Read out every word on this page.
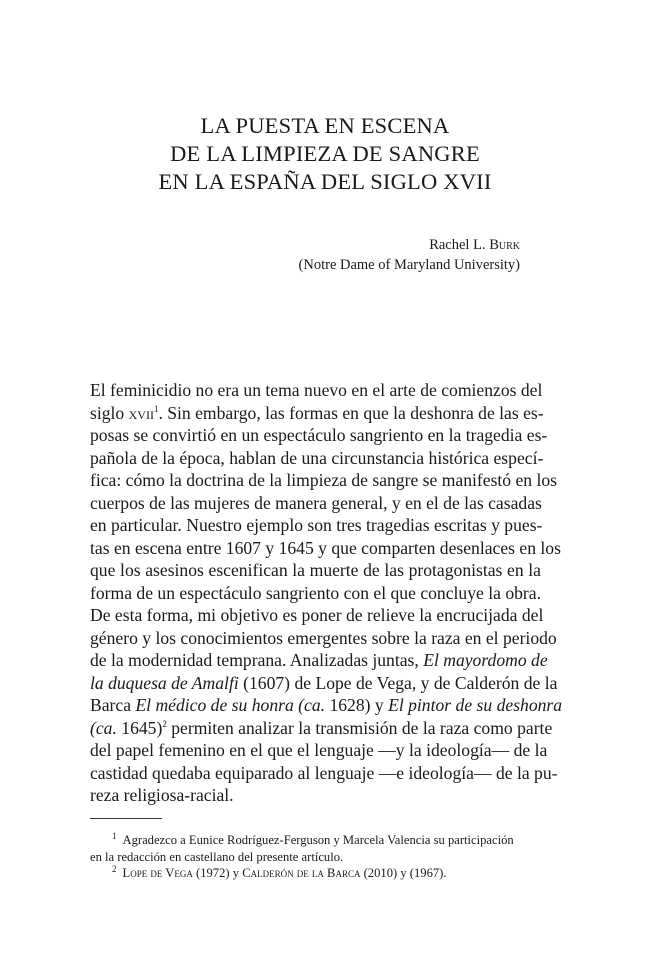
LA PUESTA EN ESCENA
DE LA LIMPIEZA DE SANGRE
EN LA ESPAÑA DEL SIGLO XVII
Rachel L. Burk
(Notre Dame of Maryland University)
El feminicidio no era un tema nuevo en el arte de comienzos del
siglo xvii$^1$. Sin embargo, las formas en que la deshonra de las es-
posas se convirtió en un espectáculo sangriento en la tragedia es-
pañola de la época, hablan de una circunstancia histórica especí-
fica: cómo la doctrina de la limpieza de sangre se manifestó en los
cuerpos de las mujeres de manera general, y en el de las casadas
en particular. Nuestro ejemplo son tres tragedias escritas y pues-
tas en escena entre 1607 y 1645 y que comparten desenlaces en los
que los asesinos escenifican la muerte de las protagonistas en la
forma de un espectáculo sangriento con el que concluye la obra.
De esta forma, mi objetivo es poner de relieve la encrucijada del
género y los conocimientos emergentes sobre la raza en el periodo
de la modernidad temprana. Analizadas juntas, El mayordomo de
la duquesa de Amalfi (1607) de Lope de Vega, y de Calderón de la
Barca El médico de su honra (ca. 1628) y El pintor de su deshonra
(ca. 1645)$^2$ permiten analizar la transmisión de la raza como parte
del papel femenino en el que el lenguaje —y la ideología— de la
castidad quedaba equiparado al lenguaje —e ideología— de la pu-
reza religiosa-racial.
$^1$ Agradezco a Eunice Rodríguez-Ferguson y Marcela Valencia su participación
en la redacción en castellano del presente artículo.
$^2$ Lope de Vega (1972) y Calderón de la Barca (2010) y (1967).
